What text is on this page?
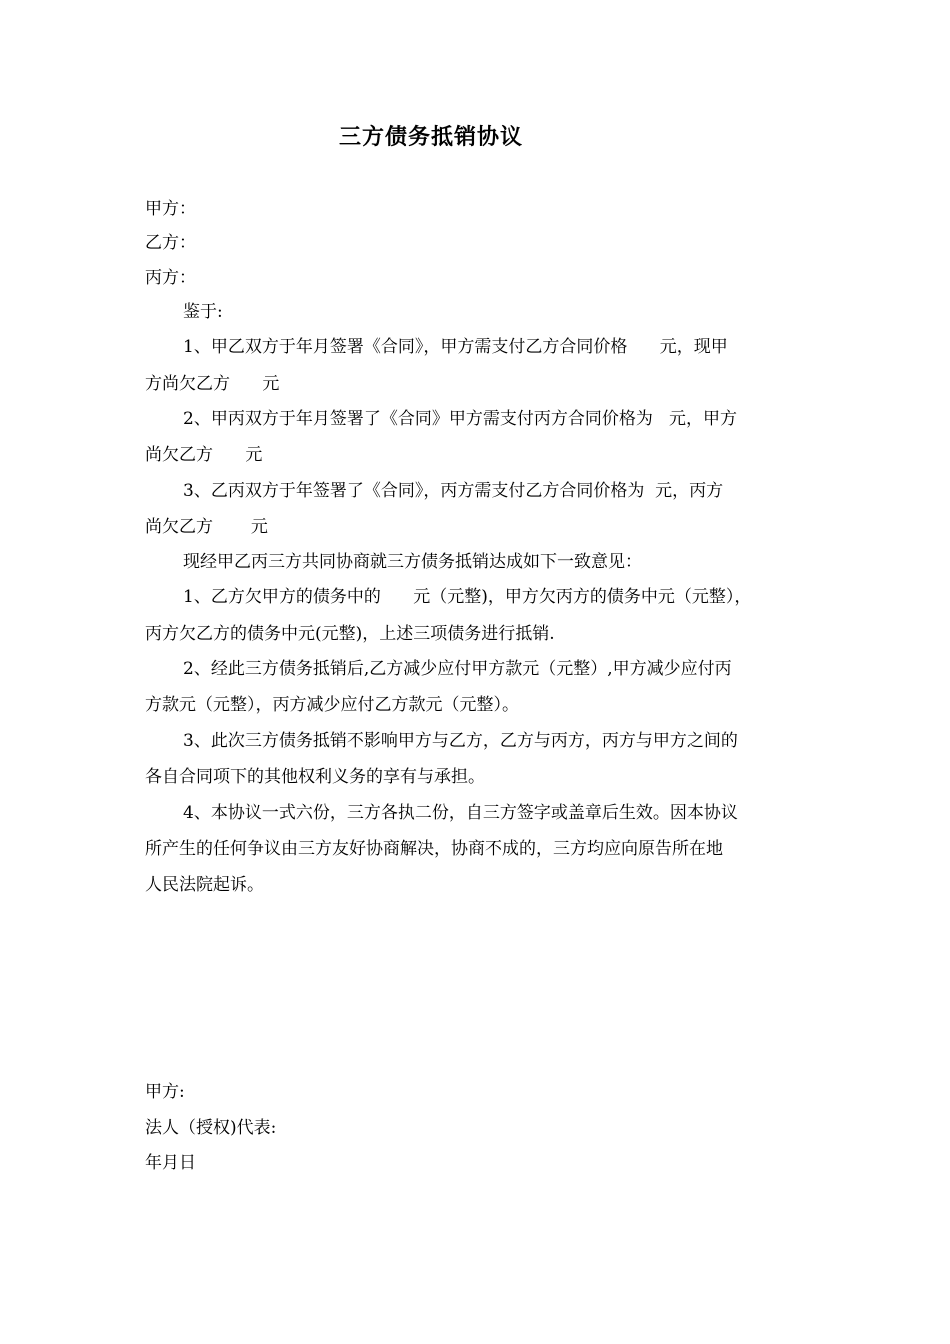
三方债务抵销协议
甲方：
乙方：
丙方：
鉴于:
1、甲乙双方于年月签署《合同》，甲方需支付乙方合同价格      元，现甲
方尚欠乙方      元
2、甲丙双方于年月签署了《合同》甲方需支付丙方合同价格为   元，甲方
尚欠乙方      元
3、乙丙双方于年签署了《合同》，丙方需支付乙方合同价格为  元，丙方
尚欠乙方       元
现经甲乙丙三方共同协商就三方债务抵销达成如下一致意见：
1、乙方欠甲方的债务中的      元（元整)，甲方欠丙方的债务中元（元整），
丙方欠乙方的债务中元(元整)，上述三项债务进行抵销.
2、经此三方债务抵销后,乙方减少应付甲方款元（元整）,甲方减少应付丙
方款元（元整），丙方减少应付乙方款元（元整）。
3、此次三方债务抵销不影响甲方与乙方，乙方与丙方，丙方与甲方之间的
各自合同项下的其他权利义务的享有与承担。
4、本协议一式六份，三方各执二份，自三方签字或盖章后生效。因本协议
所产生的任何争议由三方友好协商解决，协商不成的，三方均应向原告所在地
人民法院起诉。
甲方:
法人（授权)代表:
年月日
